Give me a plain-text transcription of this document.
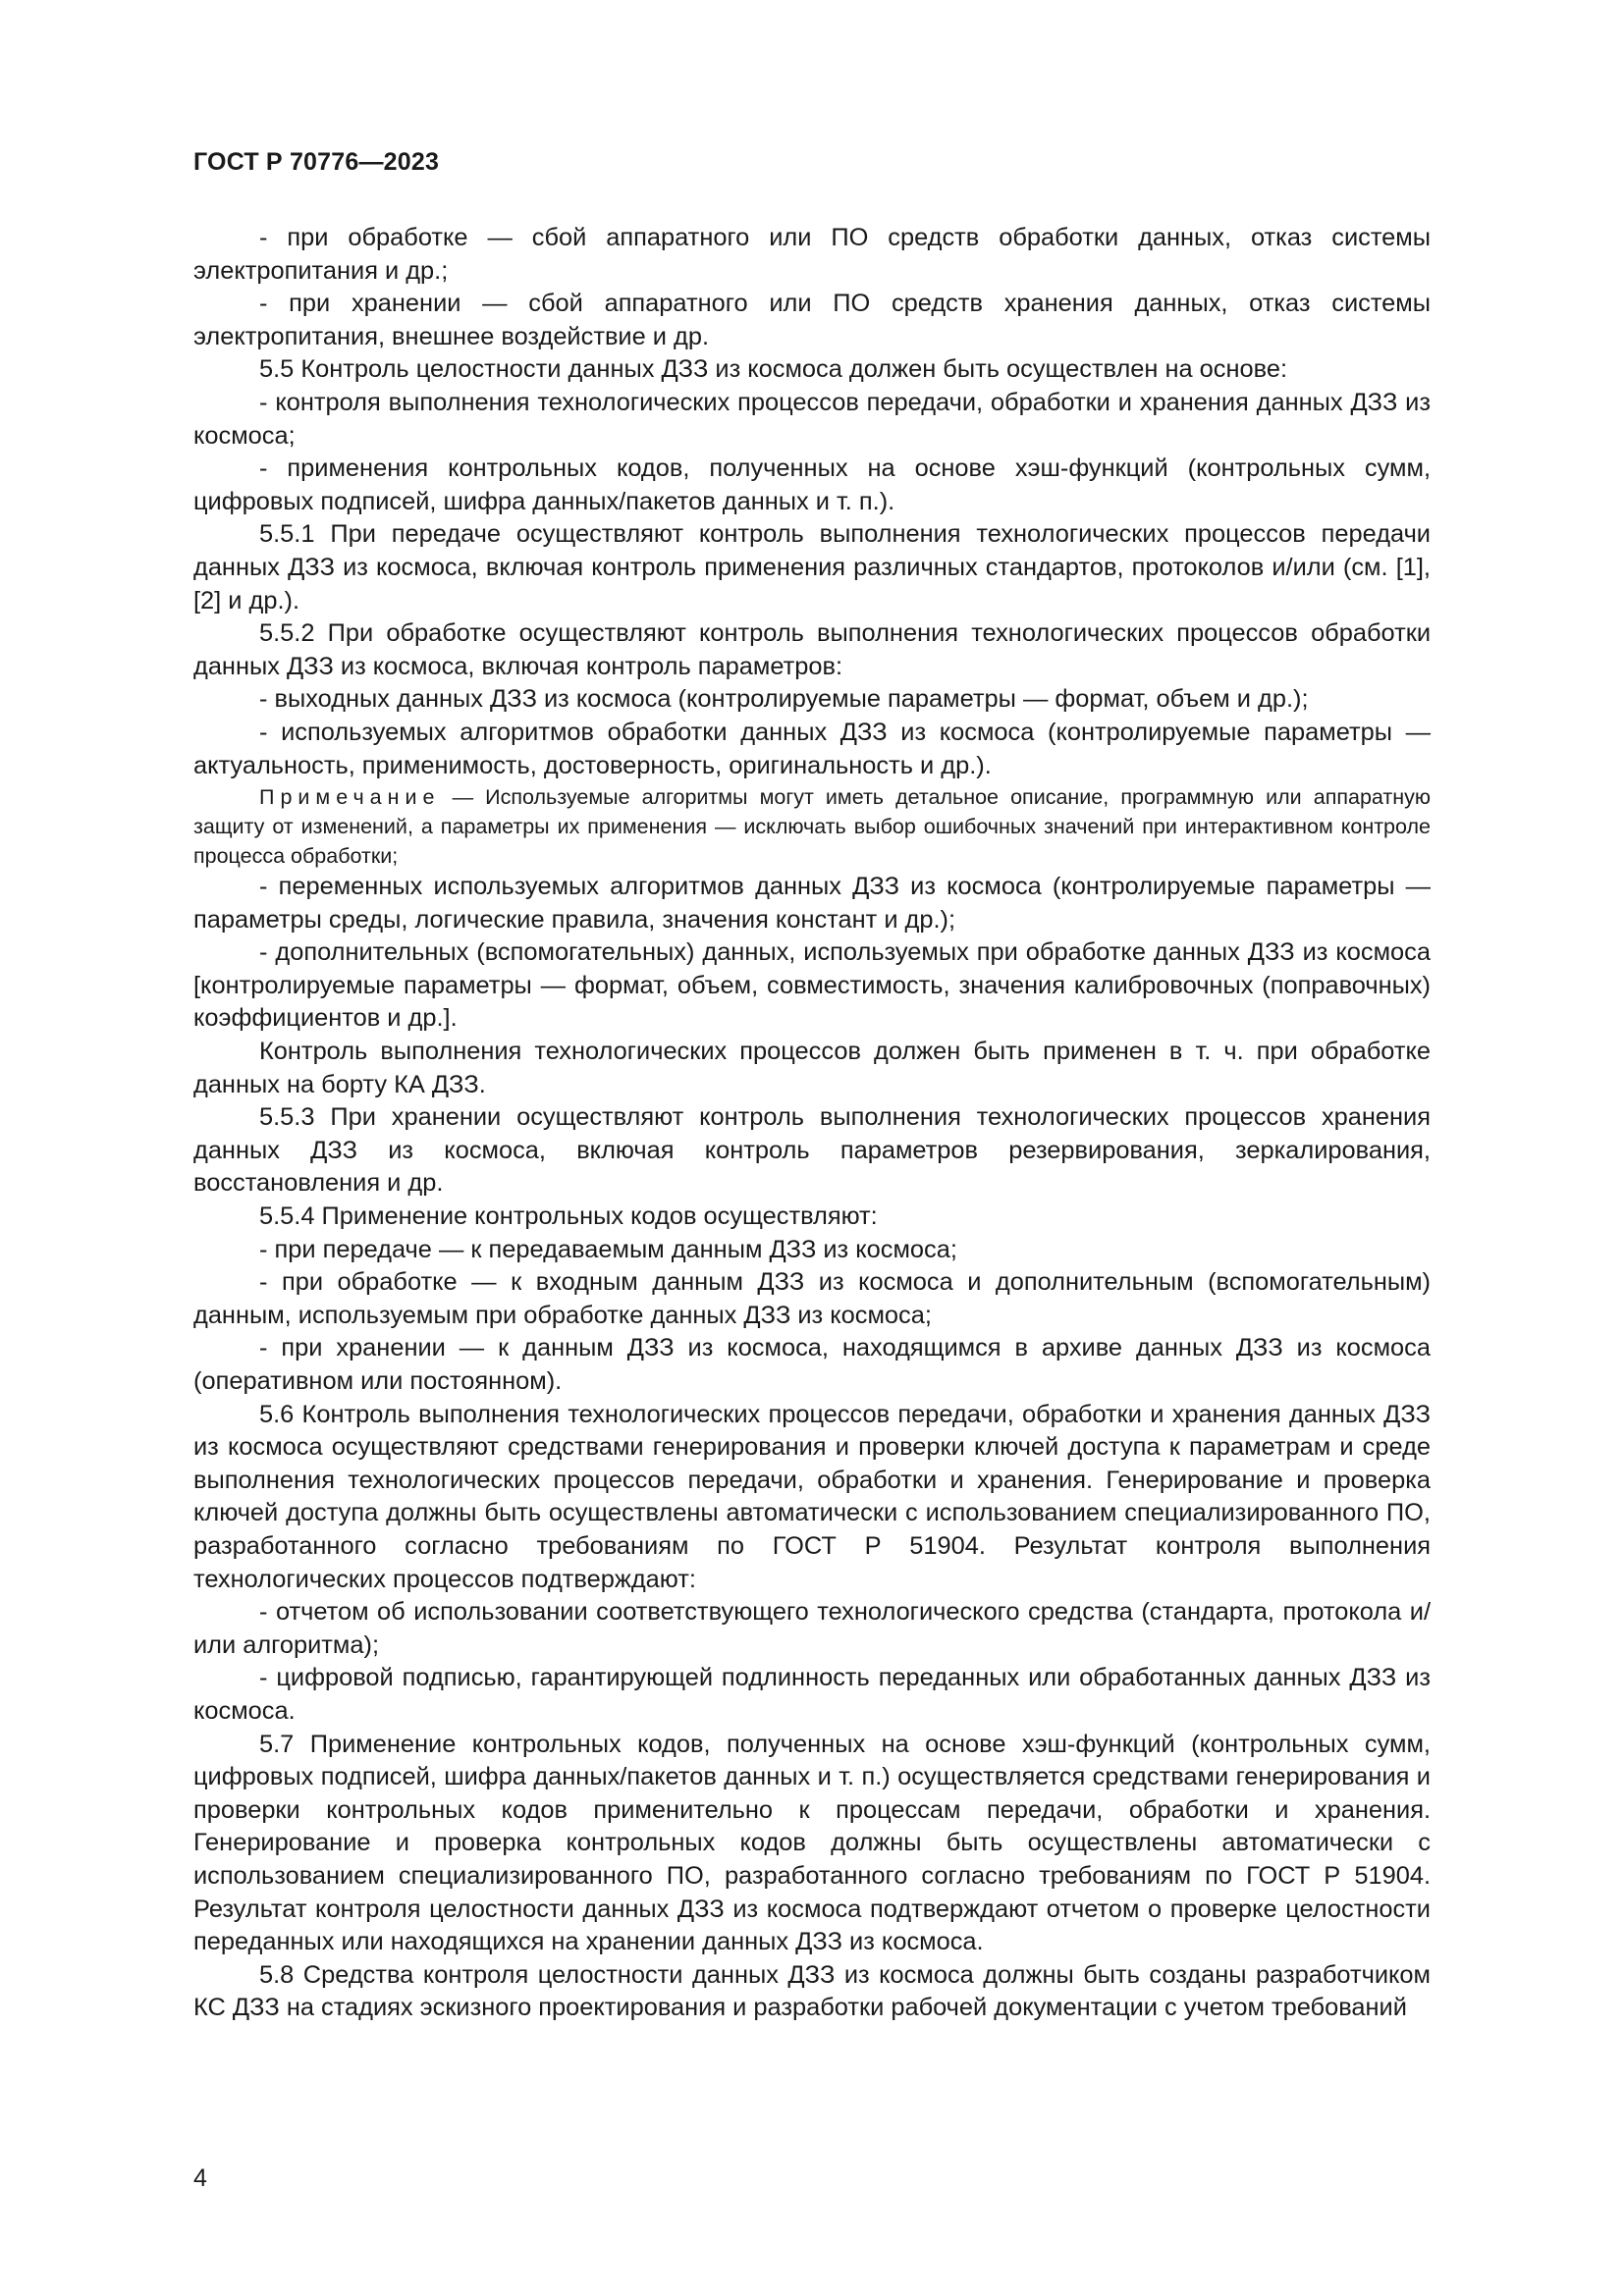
ГОСТ Р 70776—2023

- при обработке — сбой аппаратного или ПО средств обработки данных, отказ системы электропитания и др.;

- при хранении — сбой аппаратного или ПО средств хранения данных, отказ системы электропитания, внешнее воздействие и др.

5.5 Контроль целостности данных ДЗЗ из космоса должен быть осуществлен на основе:

- контроля выполнения технологических процессов передачи, обработки и хранения данных ДЗЗ из космоса;

- применения контрольных кодов, полученных на основе хэш-функций (контрольных сумм, цифровых подписей, шифра данных/пакетов данных и т. п.).

5.5.1 При передаче осуществляют контроль выполнения технологических процессов передачи данных ДЗЗ из космоса, включая контроль применения различных стандартов, протоколов и/или (см. [1], [2] и др.).

5.5.2 При обработке осуществляют контроль выполнения технологических процессов обработки данных ДЗЗ из космоса, включая контроль параметров:

- выходных данных ДЗЗ из космоса (контролируемые параметры — формат, объем и др.);

- используемых алгоритмов обработки данных ДЗЗ из космоса (контролируемые параметры — актуальность, применимость, достоверность, оригинальность и др.).

Примечание — Используемые алгоритмы могут иметь детальное описание, программную или аппаратную защиту от изменений, а параметры их применения — исключать выбор ошибочных значений при интерактивном контроле процесса обработки;

- переменных используемых алгоритмов данных ДЗЗ из космоса (контролируемые параметры — параметры среды, логические правила, значения констант и др.);

- дополнительных (вспомогательных) данных, используемых при обработке данных ДЗЗ из космоса [контролируемые параметры — формат, объем, совместимость, значения калибровочных (поправочных) коэффициентов и др.].

Контроль выполнения технологических процессов должен быть применен в т. ч. при обработке данных на борту КА ДЗЗ.

5.5.3 При хранении осуществляют контроль выполнения технологических процессов хранения данных ДЗЗ из космоса, включая контроль параметров резервирования, зеркалирования, восстановления и др.

5.5.4 Применение контрольных кодов осуществляют:

- при передаче — к передаваемым данным ДЗЗ из космоса;

- при обработке — к входным данным ДЗЗ из космоса и дополнительным (вспомогательным) данным, используемым при обработке данных ДЗЗ из космоса;

- при хранении — к данным ДЗЗ из космоса, находящимся в архиве данных ДЗЗ из космоса (оперативном или постоянном).

5.6 Контроль выполнения технологических процессов передачи, обработки и хранения данных ДЗЗ из космоса осуществляют средствами генерирования и проверки ключей доступа к параметрам и среде выполнения технологических процессов передачи, обработки и хранения. Генерирование и проверка ключей доступа должны быть осуществлены автоматически с использованием специализированного ПО, разработанного согласно требованиям по ГОСТ Р 51904. Результат контроля выполнения технологических процессов подтверждают:

- отчетом об использовании соответствующего технологического средства (стандарта, протокола и/или алгоритма);

- цифровой подписью, гарантирующей подлинность переданных или обработанных данных ДЗЗ из космоса.

5.7 Применение контрольных кодов, полученных на основе хэш-функций (контрольных сумм, цифровых подписей, шифра данных/пакетов данных и т. п.) осуществляется средствами генерирования и проверки контрольных кодов применительно к процессам передачи, обработки и хранения. Генерирование и проверка контрольных кодов должны быть осуществлены автоматически с использованием специализированного ПО, разработанного согласно требованиям по ГОСТ Р 51904. Результат контроля целостности данных ДЗЗ из космоса подтверждают отчетом о проверке целостности переданных или находящихся на хранении данных ДЗЗ из космоса.

5.8 Средства контроля целостности данных ДЗЗ из космоса должны быть созданы разработчиком КС ДЗЗ на стадиях эскизного проектирования и разработки рабочей документации с учетом требований

4
